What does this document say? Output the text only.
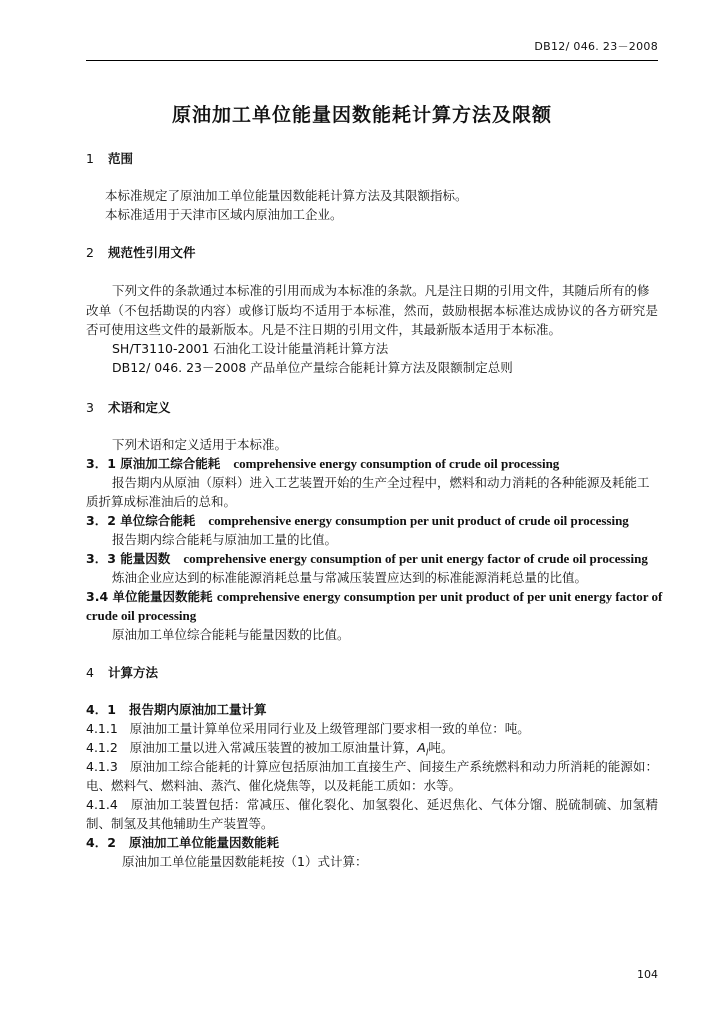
DB12/ 046. 23－2008
原油加工单位能量因数能耗计算方法及限额
1 范围
本标准规定了原油加工单位能量因数能耗计算方法及其限额指标。
本标准适用于天津市区域内原油加工企业。
2 规范性引用文件
下列文件的条款通过本标准的引用而成为本标准的条款。凡是注日期的引用文件，其随后所有的修
改单（不包括勘误的内容）或修订版均不适用于本标准，然而，鼓励根据本标准达成协议的各方研究是
否可使用这些文件的最新版本。凡是不注日期的引用文件，其最新版本适用于本标准。
SH/T3110-2001 石油化工设计能量消耗计算方法
DB12/ 046. 23－2008 产品单位产量综合能耗计算方法及限额制定总则
3 术语和定义
下列术语和定义适用于本标准。
3．1 原油加工综合能耗 comprehensive energy consumption of crude oil processing
报告期内从原油（原料）进入工艺装置开始的生产全过程中，燃料和动力消耗的各种能源及耗能工
质折算成标准油后的总和。
3．2 单位综合能耗 comprehensive energy consumption per unit product of crude oil processing
报告期内综合能耗与原油加工量的比值。
3．3 能量因数 comprehensive energy consumption of per unit energy factor of crude oil processing
炼油企业应达到的标准能源消耗总量与常减压装置应达到的标准能源消耗总量的比值。
3.4 单位能量因数能耗 comprehensive energy consumption per unit product of per unit energy factor of
crude oil processing
原油加工单位综合能耗与能量因数的比值。
4 计算方法
4．1 报告期内原油加工量计算
4.1.1 原油加工量计算单位采用同行业及上级管理部门要求相一致的单位：吨。
4.1.2 原油加工量以进入常减压装置的被加工原油量计算，$A_l$吨。
4.1.3 原油加工综合能耗的计算应包括原油加工直接生产、间接生产系统燃料和动力所消耗的能源如：
电、燃料气、燃料油、蒸汽、催化烧焦等，以及耗能工质如：水等。
4.1.4 原油加工装置包括：常减压、催化裂化、加氢裂化、延迟焦化、气体分馏、脱硫制硫、加氢精
制、制氢及其他辅助生产装置等。
4．2 原油加工单位能量因数能耗
原油加工单位能量因数能耗按（1）式计算：
104
